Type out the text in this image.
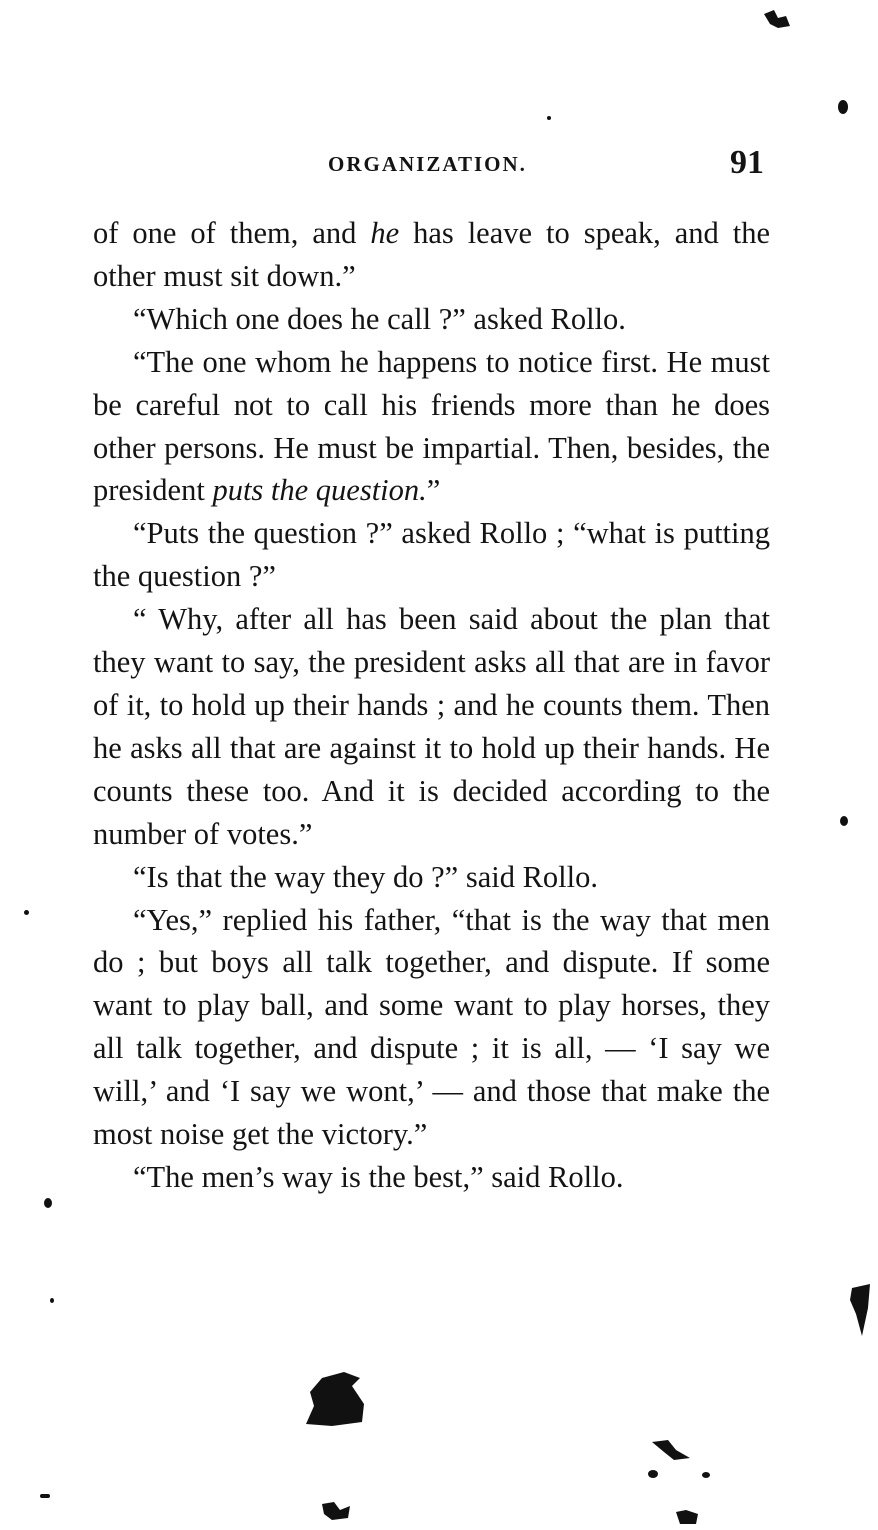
ORGANIZATION.	91

of one of them, and he has leave to speak, and the other must sit down.”

“Which one does he call ?” asked Rollo.

“The one whom he happens to notice first. He must be careful not to call his friends more than he does other persons. He must be impartial. Then, besides, the president puts the question.”

“Puts the question ?” asked Rollo ; “what is putting the question ?”

“ Why, after all has been said about the plan that they want to say, the president asks all that are in favor of it, to hold up their hands ; and he counts them. Then he asks all that are against it to hold up their hands. He counts these too. And it is decided according to the number of votes.”

“Is that the way they do ?” said Rollo.

“Yes,” replied his father, “that is the way that men do ; but boys all talk together, and dispute. If some want to play ball, and some want to play horses, they all talk together, and dispute ; it is all, — ‘I say we will,’ and ‘I say we wont,’ — and those that make the most noise get the victory.”

“The men’s way is the best,” said Rollo.
